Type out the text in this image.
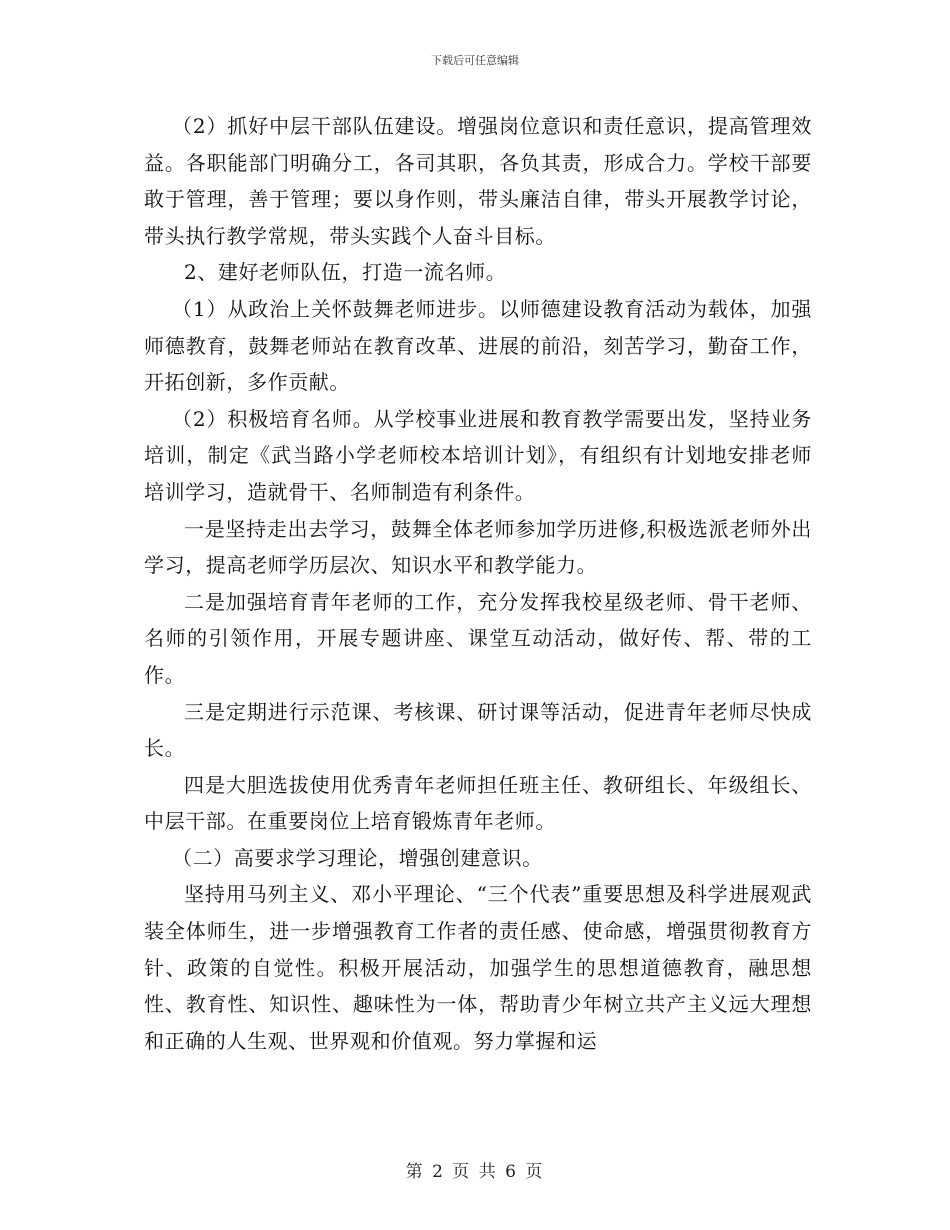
下载后可任意编辑

（2）抓好中层干部队伍建设。增强岗位意识和责任意识，提高管理效益。各职能部门明确分工，各司其职，各负其责，形成合力。学校干部要敢于管理，善于管理；要以身作则，带头廉洁自律，带头开展教学讨论，带头执行教学常规，带头实践个人奋斗目标。

2、建好老师队伍，打造一流名师。

（1）从政治上关怀鼓舞老师进步。以师德建设教育活动为载体，加强师德教育，鼓舞老师站在教育改革、进展的前沿，刻苦学习，勤奋工作，开拓创新，多作贡献。

（2）积极培育名师。从学校事业进展和教育教学需要出发，坚持业务培训，制定《武当路小学老师校本培训计划》，有组织有计划地安排老师培训学习，造就骨干、名师制造有利条件。

一是坚持走出去学习，鼓舞全体老师参加学历进修,积极选派老师外出学习，提高老师学历层次、知识水平和教学能力。

二是加强培育青年老师的工作，充分发挥我校星级老师、骨干老师、名师的引领作用，开展专题讲座、课堂互动活动，做好传、帮、带的工作。

三是定期进行示范课、考核课、研讨课等活动，促进青年老师尽快成长。

四是大胆选拔使用优秀青年老师担任班主任、教研组长、年级组长、中层干部。在重要岗位上培育锻炼青年老师。

（二）高要求学习理论，增强创建意识。

坚持用马列主义、邓小平理论、“三个代表”重要思想及科学进展观武装全体师生，进一步增强教育工作者的责任感、使命感，增强贯彻教育方针、政策的自觉性。积极开展活动，加强学生的思想道德教育，融思想性、教育性、知识性、趣味性为一体，帮助青少年树立共产主义远大理想和正确的人生观、世界观和价值观。努力掌握和运

第 2 页 共 6 页
